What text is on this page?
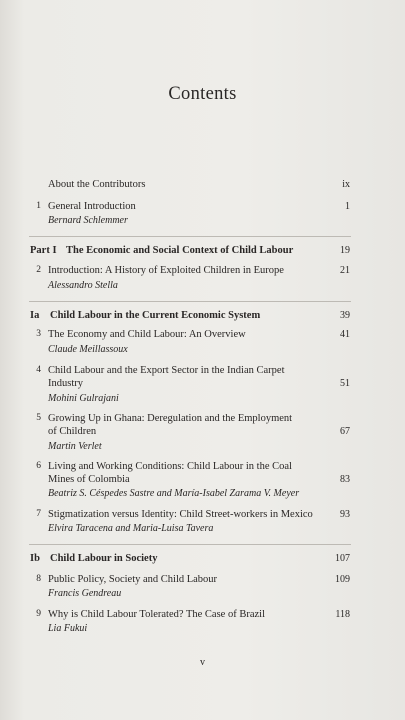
Contents
About the Contributors	ix
1 General Introduction	1
Bernard Schlemmer
Part I The Economic and Social Context of Child Labour	19
2 Introduction: A History of Exploited Children in Europe	21
Alessandro Stella
Ia Child Labour in the Current Economic System	39
3 The Economy and Child Labour: An Overview	41
Claude Meillassoux
4 Child Labour and the Export Sector in the Indian Carpet
Industry	51
Mohini Gulrajani
5 Growing Up in Ghana: Deregulation and the Employment
of Children	67
Martin Verlet
6 Living and Working Conditions: Child Labour in the Coal
Mines of Colombia	83
Beatriz S. Céspedes Sastre and María-Isabel Zarama V. Meyer
7 Stigmatization versus Identity: Child Street-workers in Mexico	93
Elvira Taracena and Maria-Luisa Tavera
Ib Child Labour in Society	107
8 Public Policy, Society and Child Labour	109
Francis Gendreau
9 Why is Child Labour Tolerated? The Case of Brazil	118
Lia Fukui
v
